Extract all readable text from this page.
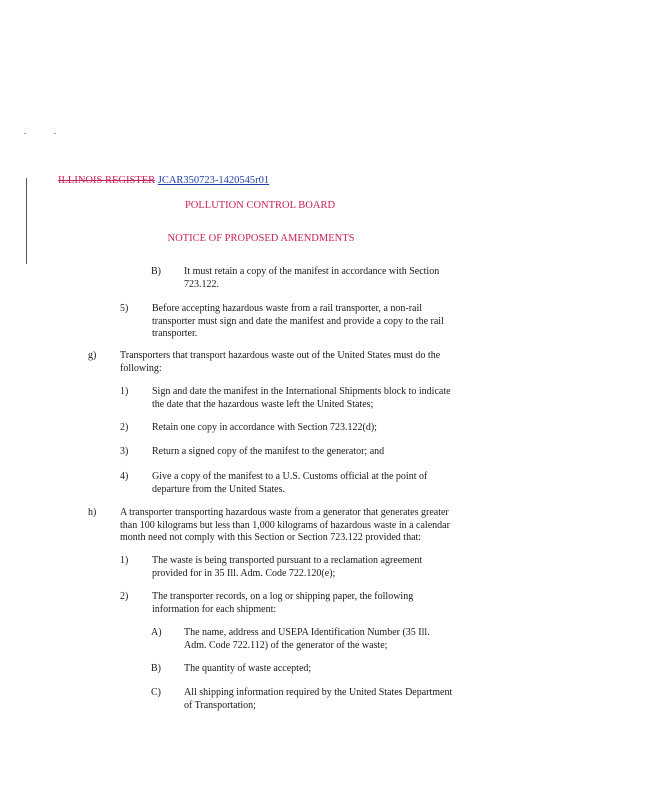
ILLINOIS REGISTER JCAR350723-1420545r01
POLLUTION CONTROL BOARD
NOTICE OF PROPOSED AMENDMENTS
B) It must retain a copy of the manifest in accordance with Section
723.122.
5) Before accepting hazardous waste from a rail transporter, a non-rail
transporter must sign and date the manifest and provide a copy to the rail
transporter.
g) Transporters that transport hazardous waste out of the United States must do the
following:
1) Sign and date the manifest in the International Shipments block to indicate
the date that the hazardous waste left the United States;
2) Retain one copy in accordance with Section 723.122(d);
3) Return a signed copy of the manifest to the generator; and
4) Give a copy of the manifest to a U.S. Customs official at the point of
departure from the United States.
h) A transporter transporting hazardous waste from a generator that generates greater
than 100 kilograms but less than 1,000 kilograms of hazardous waste in a calendar
month need not comply with this Section or Section 723.122 provided that:
1) The waste is being transported pursuant to a reclamation agreement
provided for in 35 Ill. Adm. Code 722.120(e);
2) The transporter records, on a log or shipping paper, the following
information for each shipment:
A) The name, address and USEPA Identification Number (35 Ill.
Adm. Code 722.112) of the generator of the waste;
B) The quantity of waste accepted;
C) All shipping information required by the United States Department
of Transportation;
